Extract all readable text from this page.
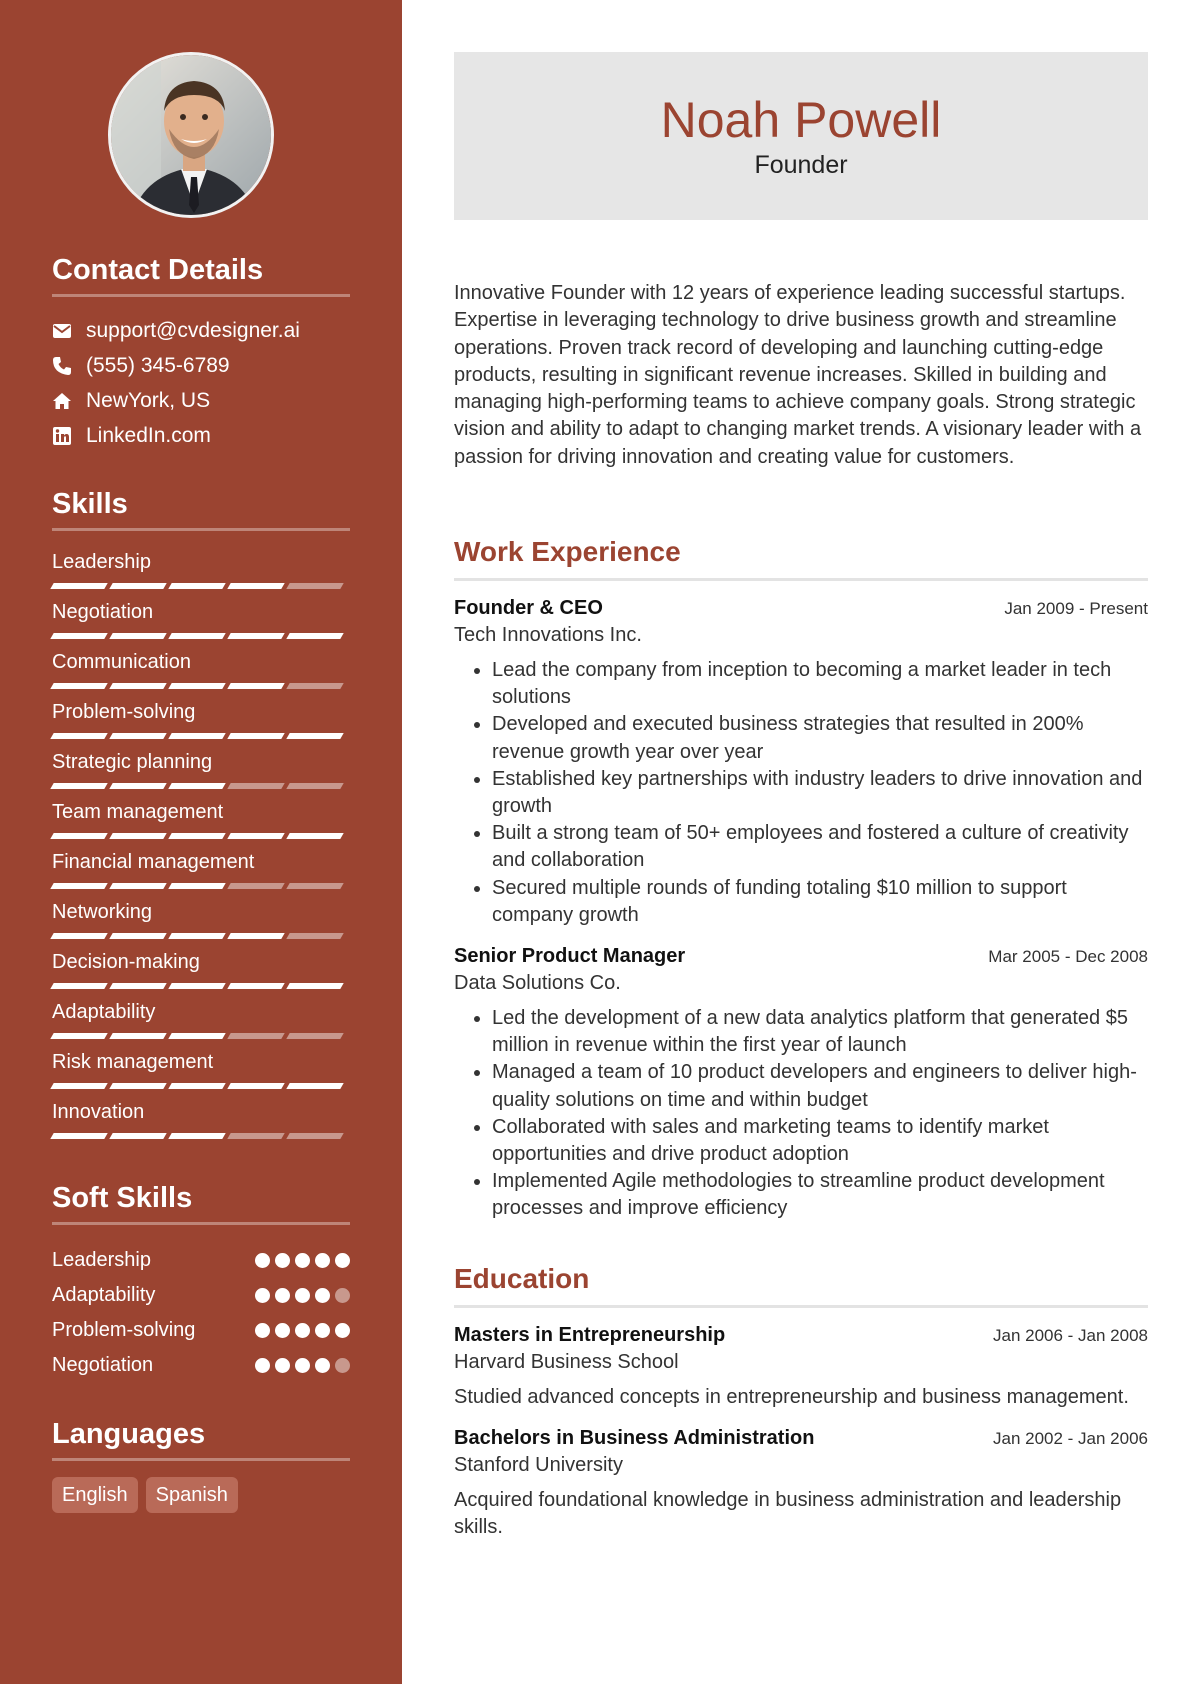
Contact Details
support@cvdesigner.ai
(555) 345-6789
NewYork, US
LinkedIn.com
Skills
Leadership
Negotiation
Communication
Problem-solving
Strategic planning
Team management
Financial management
Networking
Decision-making
Adaptability
Risk management
Innovation
Soft Skills
Leadership
Adaptability
Problem-solving
Negotiation
Languages
English	Spanish
Noah Powell
Founder

Innovative Founder with 12 years of experience leading successful startups. Expertise in leveraging technology to drive business growth and streamline operations. Proven track record of developing and launching cutting-edge products, resulting in significant revenue increases. Skilled in building and managing high-performing teams to achieve company goals. Strong strategic vision and ability to adapt to changing market trends. A visionary leader with a passion for driving innovation and creating value for customers.

Work Experience
Founder & CEO	Jan 2009 - Present
Tech Innovations Inc.
• Lead the company from inception to becoming a market leader in tech solutions
• Developed and executed business strategies that resulted in 200% revenue growth year over year
• Established key partnerships with industry leaders to drive innovation and growth
• Built a strong team of 50+ employees and fostered a culture of creativity and collaboration
• Secured multiple rounds of funding totaling $10 million to support company growth
Senior Product Manager	Mar 2005 - Dec 2008
Data Solutions Co.
• Led the development of a new data analytics platform that generated $5 million in revenue within the first year of launch
• Managed a team of 10 product developers and engineers to deliver high-quality solutions on time and within budget
• Collaborated with sales and marketing teams to identify market opportunities and drive product adoption
• Implemented Agile methodologies to streamline product development processes and improve efficiency
Education
Masters in Entrepreneurship	Jan 2006 - Jan 2008
Harvard Business School

Studied advanced concepts in entrepreneurship and business management.

Bachelors in Business Administration	Jan 2002 - Jan 2006
Stanford University

Acquired foundational knowledge in business administration and leadership skills.
